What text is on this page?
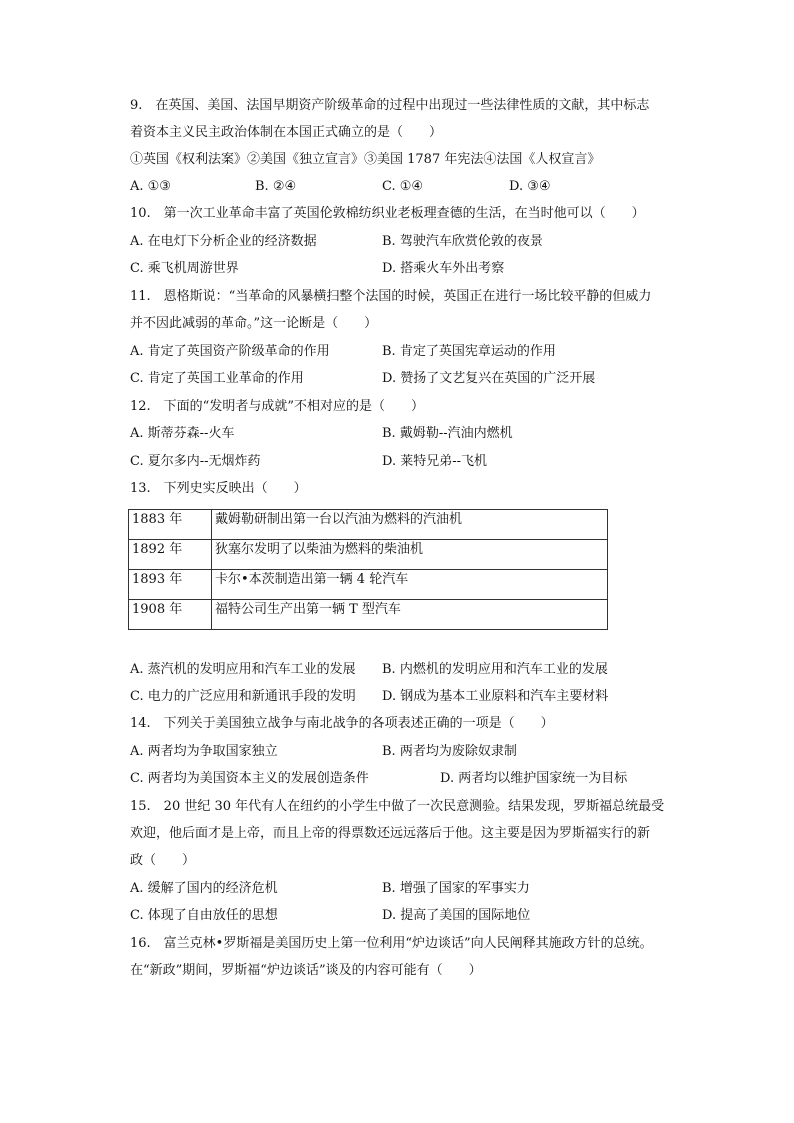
9.　在英国、美国、法国早期资产阶级革命的过程中出现过一些法律性质的文献，其中标志
着资本主义民主政治体制在本国正式确立的是（　　）
①英国《权利法案》②美国《独立宣言》③美国 1787 年宪法④法国《人权宣言》
A. ①③	B. ②④	C. ①④	D. ③④
10.　第一次工业革命丰富了英国伦敦棉纺织业老板理查德的生活，在当时他可以（　　）
A. 在电灯下分析企业的经济数据	B. 驾驶汽车欣赏伦敦的夜景
C. 乘飞机周游世界	D. 搭乘火车外出考察
11.　恩格斯说：“当革命的风暴横扫整个法国的时候，英国正在进行一场比较平静的但威力
并不因此减弱的革命。”这一论断是（　　）
A. 肯定了英国资产阶级革命的作用	B. 肯定了英国宪章运动的作用
C. 肯定了英国工业革命的作用	D. 赞扬了文艺复兴在英国的广泛开展
12.　下面的“发明者与成就”不相对应的是（　　）
A. 斯蒂芬森--火车	B. 戴姆勒--汽油内燃机
C. 夏尔多内--无烟炸药	D. 莱特兄弟--飞机
13.　下列史实反映出（　　）
1883 年	戴姆勒研制出第一台以汽油为燃料的汽油机
1892 年	狄塞尔发明了以柴油为燃料的柴油机
1893 年	卡尔•本茨制造出第一辆 4 轮汽车
1908 年	福特公司生产出第一辆 T 型汽车
A. 蒸汽机的发明应用和汽车工业的发展 B. 内燃机的发明应用和汽车工业的发展
C. 电力的广泛应用和新通讯手段的发明 D. 钢成为基本工业原料和汽车主要材料
14.　下列关于美国独立战争与南北战争的各项表述正确的一项是（　　）
A. 两者均为争取国家独立	B. 两者均为废除奴隶制
C. 两者均为美国资本主义的发展创造条件	D. 两者均以维护国家统一为目标
15.　20 世纪 30 年代有人在纽约的小学生中做了一次民意测验。结果发现，罗斯福总统最受
欢迎，他后面才是上帝，而且上帝的得票数还远远落后于他。这主要是因为罗斯福实行的新
政（　　）
A. 缓解了国内的经济危机	B. 增强了国家的军事实力
C. 体现了自由放任的思想	D. 提高了美国的国际地位
16.　富兰克林•罗斯福是美国历史上第一位利用“炉边谈话”向人民阐释其施政方针的总统。
在“新政”期间，罗斯福“炉边谈话”谈及的内容可能有（　　）
